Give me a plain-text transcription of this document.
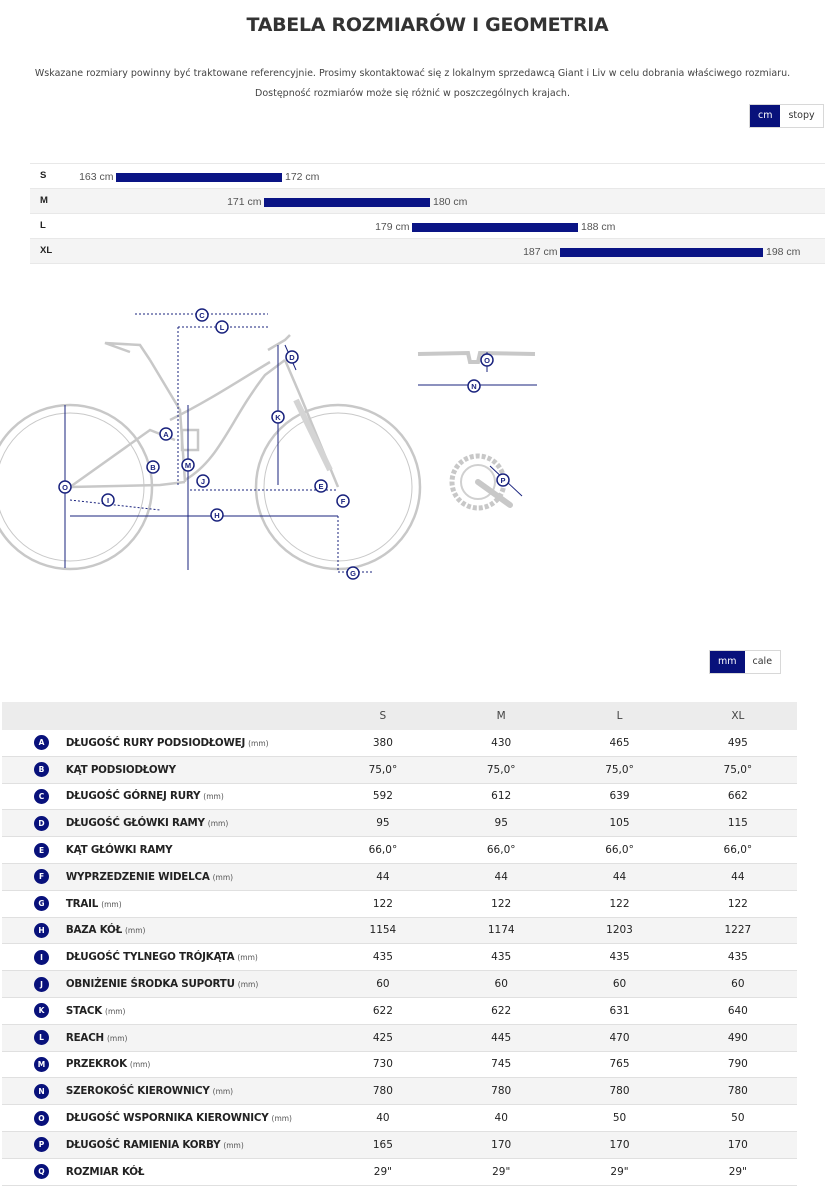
TABELA ROZMIARÓW I GEOMETRIA
Wskazane rozmiary powinny być traktowane referencyjnie. Prosimy skontaktować się z lokalnym sprzedawcą Giant i Liv w celu dobrania właściwego rozmiaru.
Dostępność rozmiarów może się różnić w poszczególnych krajach.
cm	stopy
S	163 cm	172 cm
M	171 cm	180 cm
L	179 cm	188 cm
XL	187 cm	198 cm
A
B
C
D
E
F
G
H
I
J
K
L
M
O
N
O
P
mm	cale
		S	M	L	XL
A	DŁUGOŚĆ RURY PODSIODŁOWEJ (mm)	380	430	465	495
B	KĄT PODSIODŁOWY	75,0°	75,0°	75,0°	75,0°
C	DŁUGOŚĆ GÓRNEJ RURY (mm)	592	612	639	662
D	DŁUGOŚĆ GŁÓWKI RAMY (mm)	95	95	105	115
E	KĄT GŁÓWKI RAMY	66,0°	66,0°	66,0°	66,0°
F	WYPRZEDZENIE WIDELCA (mm)	44	44	44	44
G	TRAIL (mm)	122	122	122	122
H	BAZA KÓŁ (mm)	1154	1174	1203	1227
I	DŁUGOŚĆ TYLNEGO TRÓJKĄTA (mm)	435	435	435	435
J	OBNIŻENIE ŚRODKA SUPORTU (mm)	60	60	60	60
K	STACK (mm)	622	622	631	640
L	REACH (mm)	425	445	470	490
M	PRZEKROK (mm)	730	745	765	790
N	SZEROKOŚĆ KIEROWNICY (mm)	780	780	780	780
O	DŁUGOŚĆ WSPORNIKA KIEROWNICY (mm)	40	40	50	50
P	DŁUGOŚĆ RAMIENIA KORBY (mm)	165	170	170	170
Q	ROZMIAR KÓŁ	29"	29"	29"	29"
